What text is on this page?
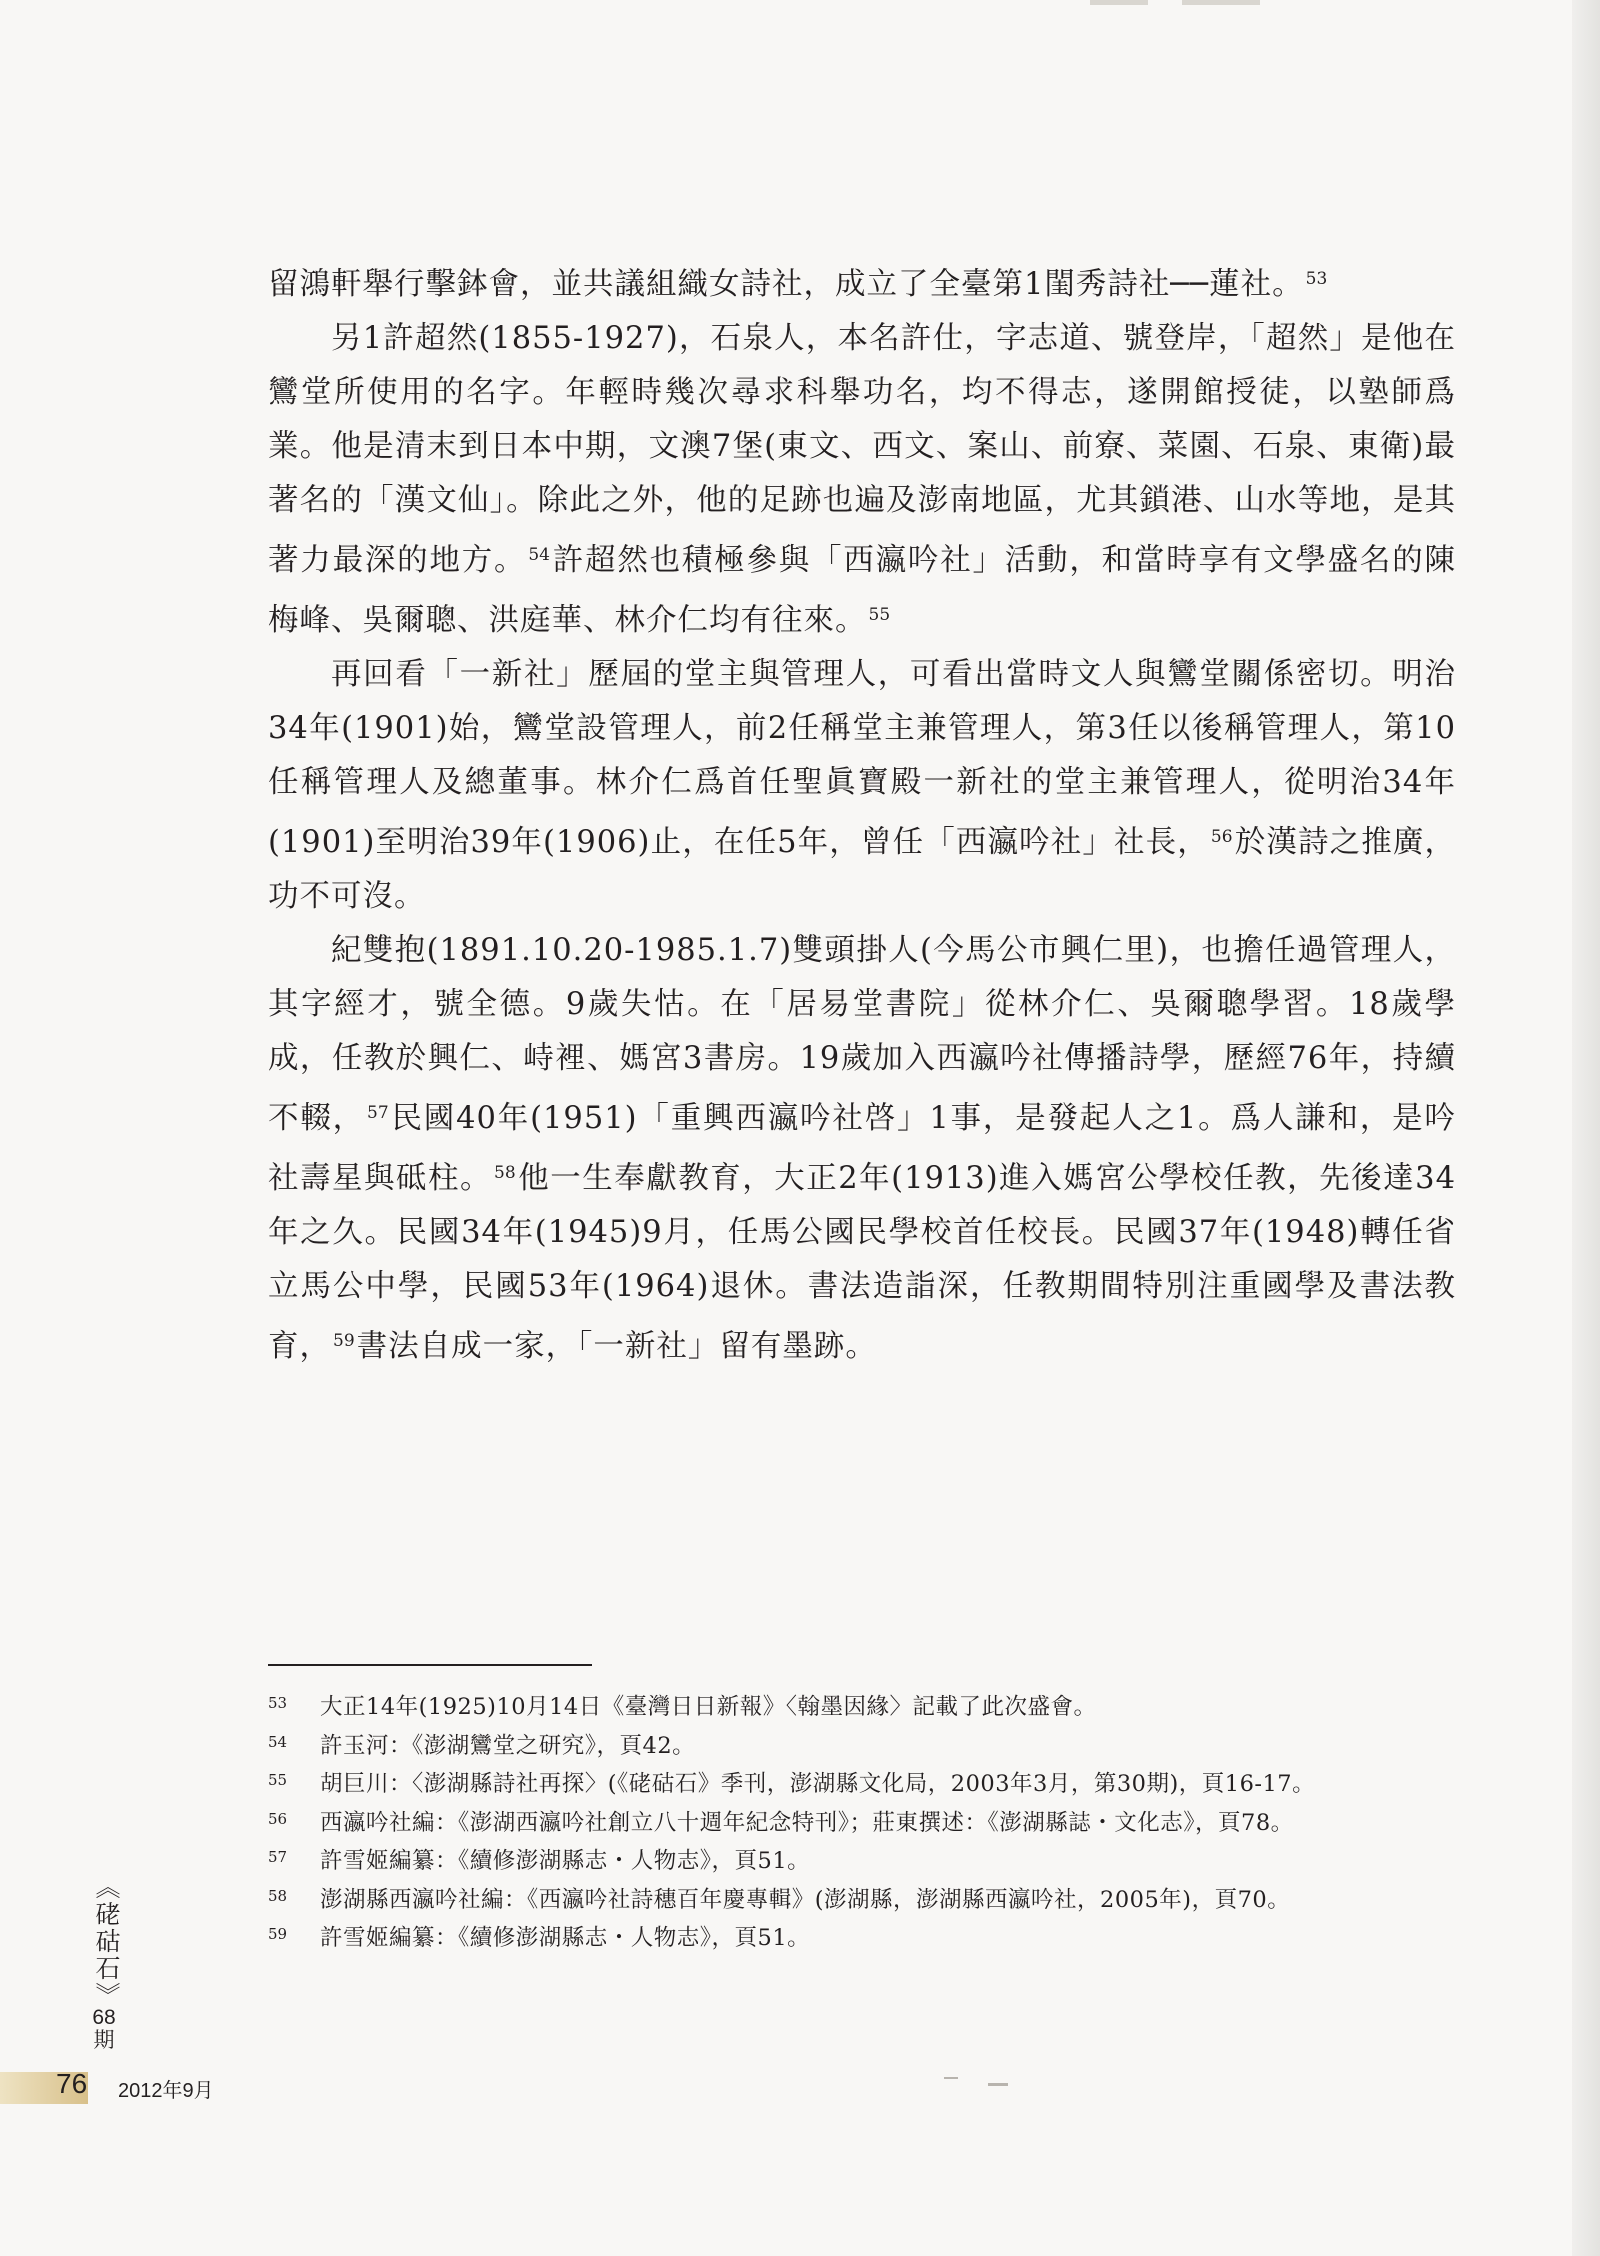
留鴻軒舉行擊鉢會，並共議組織女詩社，成立了全臺第1閨秀詩社──蓮社。 $^{53}$

另1許超然(1855-1927)，石泉人，本名許仕，字志道、號登岸，「超然」是他在鸞堂所使用的名字。年輕時幾次尋求科舉功名，均不得志，遂開館授徒，以塾師爲業。他是清末到日本中期，文澳7堡(東文、西文、案山、前寮、菜園、石泉、東衛)最著名的「漢文仙」。除此之外，他的足跡也遍及澎南地區，尤其鎖港、山水等地，是其著力最深的地方。 $^{54}$許超然也積極參與「西瀛吟社」活動，和當時享有文學盛名的陳梅峰、吳爾聰、洪庭華、林介仁均有往來。 $^{55}$

再回看「一新社」歷屆的堂主與管理人，可看出當時文人與鸞堂關係密切。明治34年(1901)始，鸞堂設管理人，前2任稱堂主兼管理人，第3任以後稱管理人，第10任稱管理人及總董事。林介仁爲首任聖眞寶殿一新社的堂主兼管理人，從明治34年(1901)至明治39年(1906)止，在任5年，曾任「西瀛吟社」社長， $^{56}$於漢詩之推廣，功不可沒。

紀雙抱(1891.10.20-1985.1.7)雙頭掛人(今馬公市興仁里)，也擔任過管理人，其字經才，號全德。9歲失怙。在「居易堂書院」從林介仁、吳爾聰學習。18歲學成，任教於興仁、峙裡、媽宮3書房。19歲加入西瀛吟社傳播詩學，歷經76年，持續不輟， $^{57}$民國40年(1951)「重興西瀛吟社啓」1事，是發起人之1。爲人謙和，是吟社壽星與砥柱。 $^{58}$他一生奉獻教育，大正2年(1913)進入媽宮公學校任教，先後達34年之久。民國34年(1945)9月，任馬公國民學校首任校長。民國37年(1948)轉任省立馬公中學，民國53年(1964)退休。書法造詣深，任教期間特別注重國學及書法教育， $^{59}$書法自成一家，「一新社」留有墨跡。

53	大正14年(1925)10月14日《臺灣日日新報》〈翰墨因緣〉記載了此次盛會。
54	許玉河：《澎湖鸞堂之研究》，頁42。
55	胡巨川：〈澎湖縣詩社再探〉(《硓𥑮石》季刊，澎湖縣文化局，2003年3月，第30期)，頁16-17。
56	西瀛吟社編：《澎湖西瀛吟社創立八十週年紀念特刊》；莊東撰述：《澎湖縣誌・文化志》，頁78。
57	許雪姬編纂：《續修澎湖縣志・人物志》，頁51。
58	澎湖縣西瀛吟社編：《西瀛吟社詩穗百年慶專輯》(澎湖縣，澎湖縣西瀛吟社，2005年)，頁70。
59	許雪姬編纂：《續修澎湖縣志・人物志》，頁51。
《硓𥑮石》
68
期
76 2012年9月
